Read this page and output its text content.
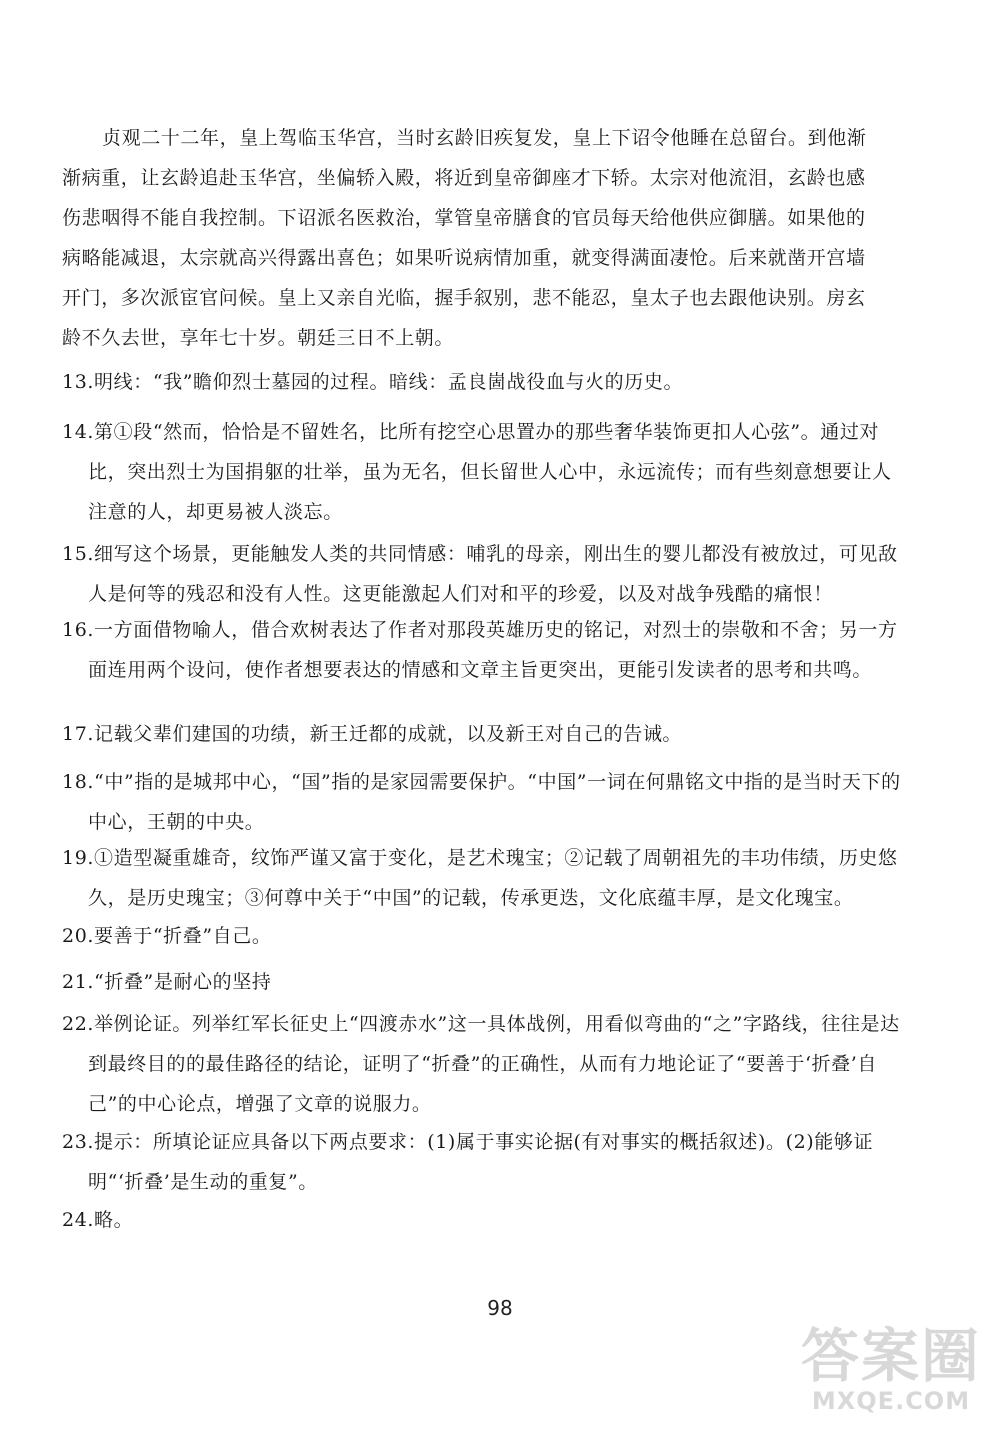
贞观二十二年，皇上驾临玉华宫，当时玄龄旧疾复发，皇上下诏令他睡在总留台。到他渐渐病重，让玄龄追赴玉华宫，坐偏轿入殿，将近到皇帝御座才下轿。太宗对他流泪，玄龄也感伤悲咽得不能自我控制。下诏派名医救治，掌管皇帝膳食的官员每天给他供应御膳。如果他的病略能减退，太宗就高兴得露出喜色；如果听说病情加重，就变得满面凄怆。后来就凿开宫墙开门，多次派宦官问候。皇上又亲自光临，握手叙别，悲不能忍，皇太子也去跟他诀别。房玄龄不久去世，享年七十岁。朝廷三日不上朝。

13.明线：“我”瞻仰烈士墓园的过程。暗线：孟良崮战役血与火的历史。

14.第①段“然而，恰恰是不留姓名，比所有挖空心思置办的那些奢华装饰更扣人心弦”。通过对比，突出烈士为国捐躯的壮举，虽为无名，但长留世人心中，永远流传；而有些刻意想要让人注意的人，却更易被人淡忘。

15.细写这个场景，更能触发人类的共同情感：哺乳的母亲，刚出生的婴儿都没有被放过，可见敌人是何等的残忍和没有人性。这更能激起人们对和平的珍爱，以及对战争残酷的痛恨！

16.一方面借物喻人，借合欢树表达了作者对那段英雄历史的铭记，对烈士的崇敬和不舍；另一方面连用两个设问，使作者想要表达的情感和文章主旨更突出，更能引发读者的思考和共鸣。

17.记载父辈们建国的功绩，新王迁都的成就，以及新王对自己的告诫。

18.“中”指的是城邦中心，“国”指的是家园需要保护。“中国”一词在何鼎铭文中指的是当时天下的中心，王朝的中央。

19.①造型凝重雄奇，纹饰严谨又富于变化，是艺术瑰宝；②记载了周朝祖先的丰功伟绩，历史悠久，是历史瑰宝；③何尊中关于“中国”的记载，传承更迭，文化底蕴丰厚，是文化瑰宝。

20.要善于“折叠”自己。

21.“折叠”是耐心的坚持

22.举例论证。列举红军长征史上“四渡赤水”这一具体战例，用看似弯曲的“之”字路线，往往是达到最终目的的最佳路径的结论，证明了“折叠”的正确性，从而有力地论证了“要善于‘折叠’自己”的中心论点，增强了文章的说服力。

23.提示：所填论证应具备以下两点要求：(1)属于事实论据(有对事实的概括叙述)。(2)能够证明“‘折叠’是生动的重复”。

24.略。

98
答案圈
MXQE.COM
